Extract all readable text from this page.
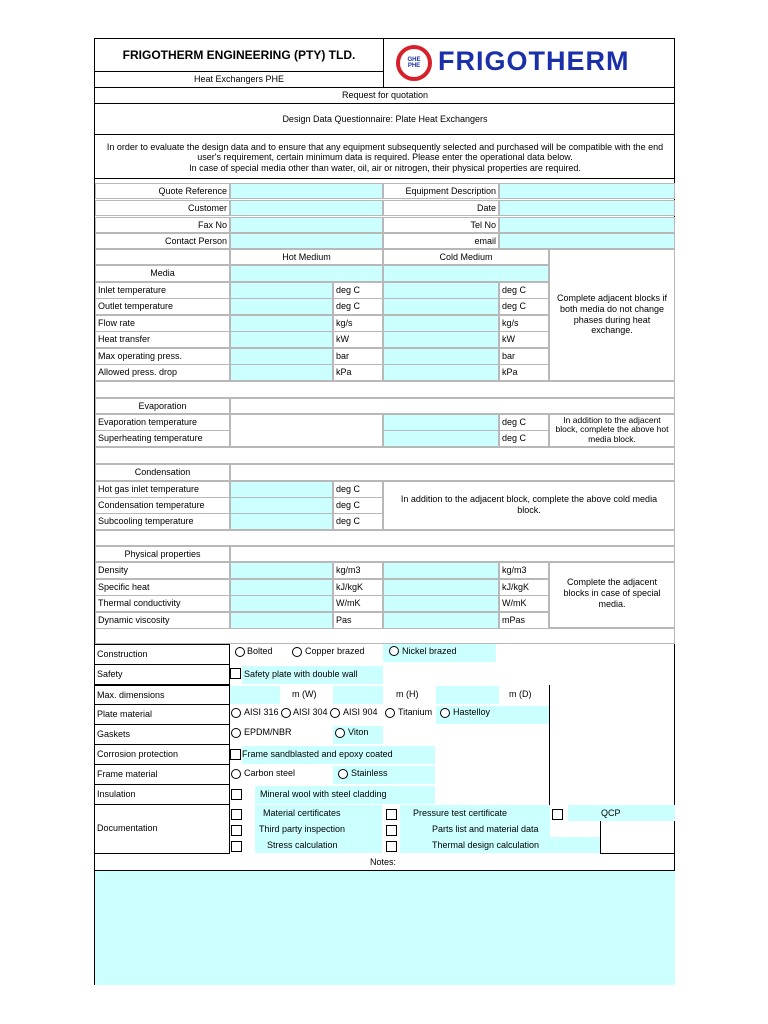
FRIGOTHERM ENGINEERING (PTY) TLD.
Heat Exchangers PHE
GHE PHE FRIGOTHERM
Request for quotation
Design Data Questionnaire: Plate Heat Exchangers
In order to evaluate the design data and to ensure that any equipment subsequently selected and purchased will be compatible with the end user's requirement, certain minimum data is required. Please enter the operational data below.
In case of special media other than water, oil, air or nitrogen, their physical properties are required.
Quote Reference	Equipment Description
Customer	Date
Fax No	Tel No
Contact Person	email
Hot Medium	Cold Medium
Media
Complete adjacent blocks if both media do not change phases during heat exchange.
Inlet temperature	deg C	deg C
Outlet temperature	deg C	deg C
Flow rate	kg/s	kg/s
Heat transfer	kW	kW
Max operating press.	bar	bar
Allowed press. drop	kPa	kPa
Evaporation
In addition to the adjacent block, complete the above hot media block.
Evaporation temperature	deg C
Superheating temperature	deg C
Condensation
In addition to the adjacent block, complete the above cold media block.
Hot gas inlet temperature	deg C
Condensation temperature	deg C
Subcooling temperature	deg C
Physical properties
Complete the adjacent blocks in case of special media.
Density	kg/m3	kg/m3
Specific heat	kJ/kgK	kJ/kgK
Thermal conductivity	W/mK	W/mK
Dynamic viscosity	Pas	mPas
Construction	Bolted	Copper brazed	Nickel brazed
Safety	Safety plate with double wall
Max. dimensions	m (W)	m (H)	m (D)
Plate material	AISI 316 AISI 304 AISI 904	Titanium Hastelloy
Gaskets	EPDM/NBR	Viton
Corrosion protection	Frame sandblasted and epoxy coated
Frame material	Carbon steel	Stainless
Insulation	Mineral wool with steel cladding
Documentation
Material certificates	Pressure test certificate	QCP
Third party inspection	Parts list and material data
Stress calculation	Thermal design calculation
Notes:
